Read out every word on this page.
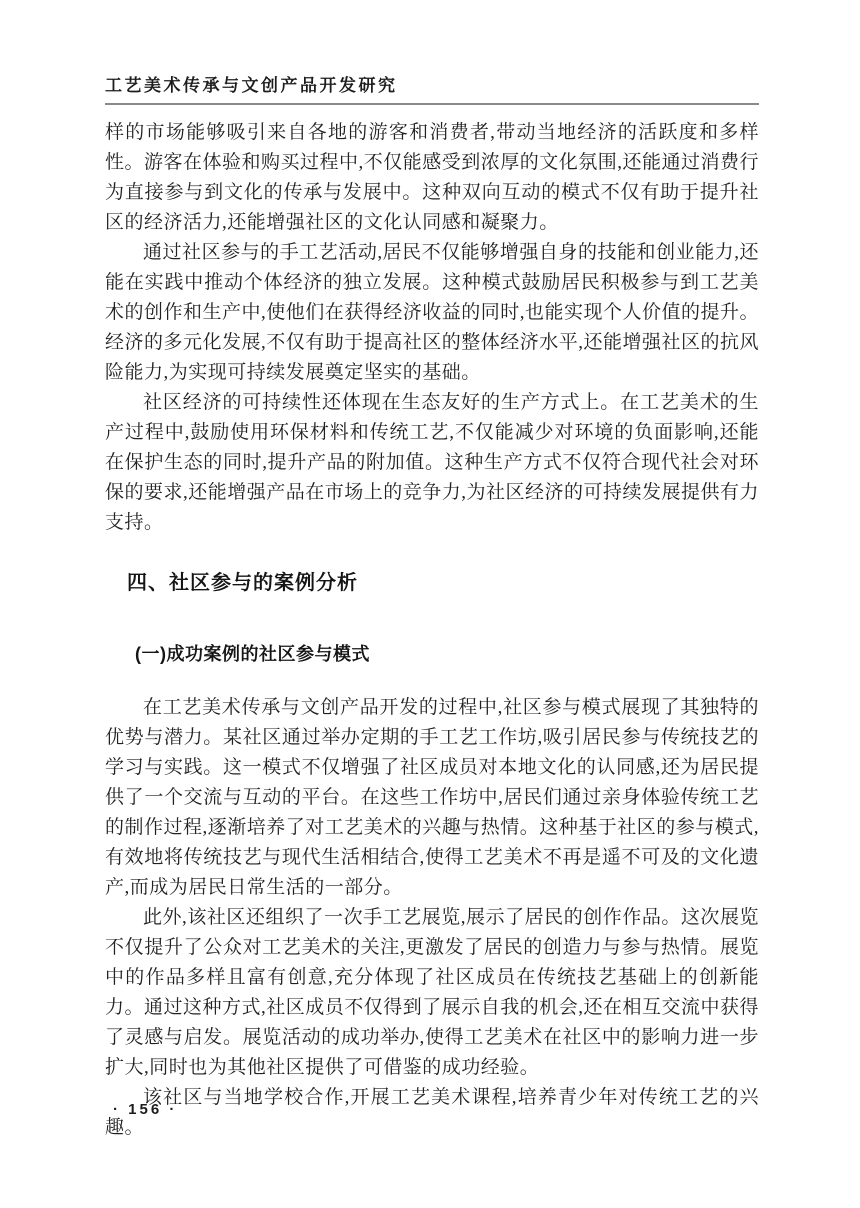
工艺美术传承与文创产品开发研究

样的市场能够吸引来自各地的游客和消费者,带动当地经济的活跃度和多样性。游客在体验和购买过程中,不仅能感受到浓厚的文化氛围,还能通过消费行为直接参与到文化的传承与发展中。这种双向互动的模式不仅有助于提升社区的经济活力,还能增强社区的文化认同感和凝聚力。

通过社区参与的手工艺活动,居民不仅能够增强自身的技能和创业能力,还能在实践中推动个体经济的独立发展。这种模式鼓励居民积极参与到工艺美术的创作和生产中,使他们在获得经济收益的同时,也能实现个人价值的提升。经济的多元化发展,不仅有助于提高社区的整体经济水平,还能增强社区的抗风险能力,为实现可持续发展奠定坚实的基础。

社区经济的可持续性还体现在生态友好的生产方式上。在工艺美术的生产过程中,鼓励使用环保材料和传统工艺,不仅能减少对环境的负面影响,还能在保护生态的同时,提升产品的附加值。这种生产方式不仅符合现代社会对环保的要求,还能增强产品在市场上的竞争力,为社区经济的可持续发展提供有力支持。

四、社区参与的案例分析
(一)成功案例的社区参与模式

在工艺美术传承与文创产品开发的过程中,社区参与模式展现了其独特的优势与潜力。某社区通过举办定期的手工艺工作坊,吸引居民参与传统技艺的学习与实践。这一模式不仅增强了社区成员对本地文化的认同感,还为居民提供了一个交流与互动的平台。在这些工作坊中,居民们通过亲身体验传统工艺的制作过程,逐渐培养了对工艺美术的兴趣与热情。这种基于社区的参与模式,有效地将传统技艺与现代生活相结合,使得工艺美术不再是遥不可及的文化遗产,而成为居民日常生活的一部分。

此外,该社区还组织了一次手工艺展览,展示了居民的创作作品。这次展览不仅提升了公众对工艺美术的关注,更激发了居民的创造力与参与热情。展览中的作品多样且富有创意,充分体现了社区成员在传统技艺基础上的创新能力。通过这种方式,社区成员不仅得到了展示自我的机会,还在相互交流中获得了灵感与启发。展览活动的成功举办,使得工艺美术在社区中的影响力进一步扩大,同时也为其他社区提供了可借鉴的成功经验。

该社区与当地学校合作,开展工艺美术课程,培养青少年对传统工艺的兴趣。

· 156 ·
